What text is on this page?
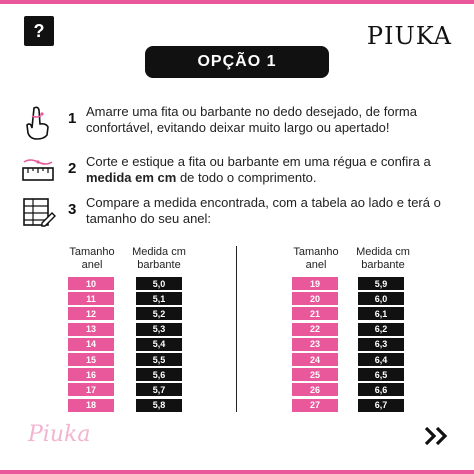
?	PIUKA
OPÇÃO 1
1 Amarre uma fita ou barbante no dedo desejado, de forma confortável, evitando deixar muito largo ou apertado!
2 Corte e estique a fita ou barbante em uma régua e confira a medida em cm de todo o comprimento.
3 Compare a medida encontrada, com a tabela ao lado e terá o tamanho do seu anel:
Tamanho anel
Medida cm barbante
10	5,0
11	5,1
12	5,2
13	5,3
14	5,4
15	5,5
16	5,6
17	5,7
18	5,8
Tamanho anel
Medida cm barbante
19	5,9
20	6,0
21	6,1
22	6,2
23	6,3
24	6,4
25	6,5
26	6,6
27	6,7
Piuka
